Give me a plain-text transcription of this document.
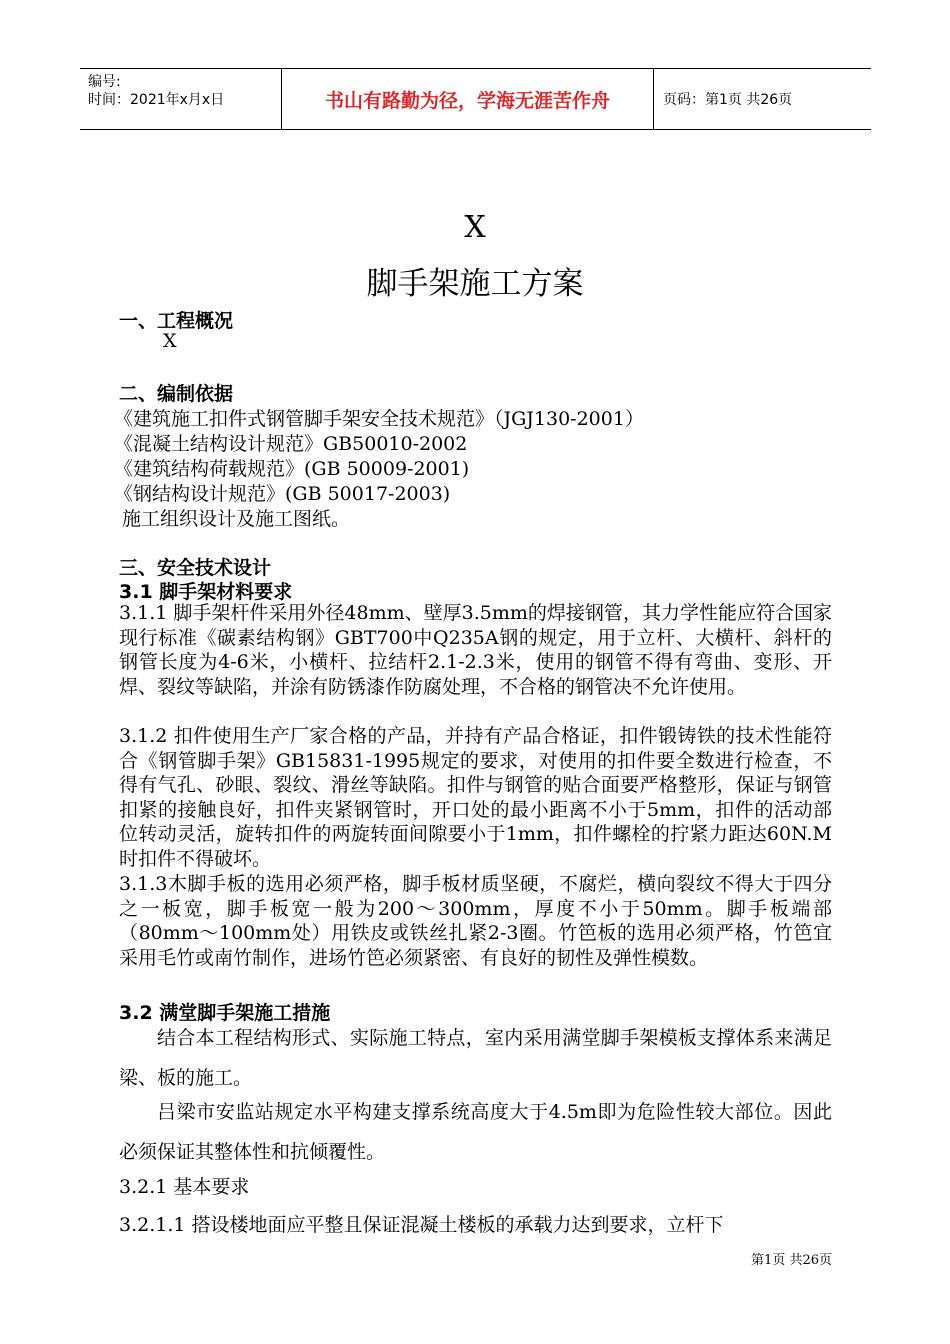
编号:
时间：2021年x月x日	书山有路勤为径，学海无涯苦作舟	页码：第1页 共26页
X
脚手架施工方案
一、工程概况
X
二、编制依据
《建筑施工扣件式钢管脚手架安全技术规范》（JGJ130-2001）
《混凝土结构设计规范》GB50010-2002
《建筑结构荷载规范》(GB 50009-2001)
《钢结构设计规范》(GB 50017-2003)
施工组织设计及施工图纸。
三、安全技术设计
3.1 脚手架材料要求
3.1.1 脚手架杆件采用外径48mm、壁厚3.5mm的焊接钢管，其力学性能应符合国家现行标准《碳素结构钢》GBT700中Q235A钢的规定，用于立杆、大横杆、斜杆的钢管长度为4-6米，小横杆、拉结杆2.1-2.3米，使用的钢管不得有弯曲、变形、开焊、裂纹等缺陷，并涂有防锈漆作防腐处理，不合格的钢管决不允许使用。
3.1.2 扣件使用生产厂家合格的产品，并持有产品合格证，扣件锻铸铁的技术性能符合《钢管脚手架》GB15831-1995规定的要求，对使用的扣件要全数进行检查，不得有气孔、砂眼、裂纹、滑丝等缺陷。扣件与钢管的贴合面要严格整形，保证与钢管扣紧的接触良好，扣件夹紧钢管时，开口处的最小距离不小于5mm，扣件的活动部位转动灵活，旋转扣件的两旋转面间隙要小于1mm，扣件螺栓的拧紧力距达60N.M时扣件不得破坏。
3.1.3木脚手板的选用必须严格，脚手板材质坚硬，不腐烂，横向裂纹不得大于四分之一板宽，脚手板宽一般为200～300mm，厚度不小于50mm。脚手板端部（80mm～100mm处）用铁皮或铁丝扎紧2-3圈。竹笆板的选用必须严格，竹笆宜采用毛竹或南竹制作，进场竹笆必须紧密、有良好的韧性及弹性模数。
3.2 满堂脚手架施工措施
结合本工程结构形式、实际施工特点，室内采用满堂脚手架模板支撑体系来满足梁、板的施工。
吕梁市安监站规定水平构建支撑系统高度大于4.5m即为危险性较大部位。因此必须保证其整体性和抗倾覆性。
3.2.1 基本要求
3.2.1.1 搭设楼地面应平整且保证混凝土楼板的承载力达到要求，立杆下
第1页 共26页
